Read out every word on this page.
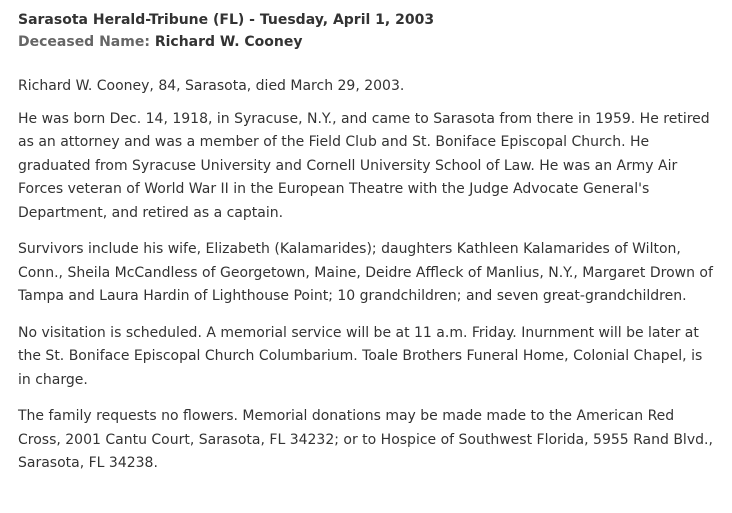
Sarasota Herald-Tribune (FL) - Tuesday, April 1, 2003
Deceased Name: Richard W. Cooney

Richard W. Cooney, 84, Sarasota, died March 29, 2003.

He was born Dec. 14, 1918, in Syracuse, N.Y., and came to Sarasota from there in 1959. He retired as an attorney and was a member of the Field Club and St. Boniface Episcopal Church. He graduated from Syracuse University and Cornell University School of Law. He was an Army Air Forces veteran of World War II in the European Theatre with the Judge Advocate General's Department, and retired as a captain.

Survivors include his wife, Elizabeth (Kalamarides); daughters Kathleen Kalamarides of Wilton, Conn., Sheila McCandless of Georgetown, Maine, Deidre Affleck of Manlius, N.Y., Margaret Drown of Tampa and Laura Hardin of Lighthouse Point; 10 grandchildren; and seven great-grandchildren.

No visitation is scheduled. A memorial service will be at 11 a.m. Friday. Inurnment will be later at the St. Boniface Episcopal Church Columbarium. Toale Brothers Funeral Home, Colonial Chapel, is in charge.

The family requests no flowers. Memorial donations may be made made to the American Red Cross, 2001 Cantu Court, Sarasota, FL 34232; or to Hospice of Southwest Florida, 5955 Rand Blvd., Sarasota, FL 34238.
